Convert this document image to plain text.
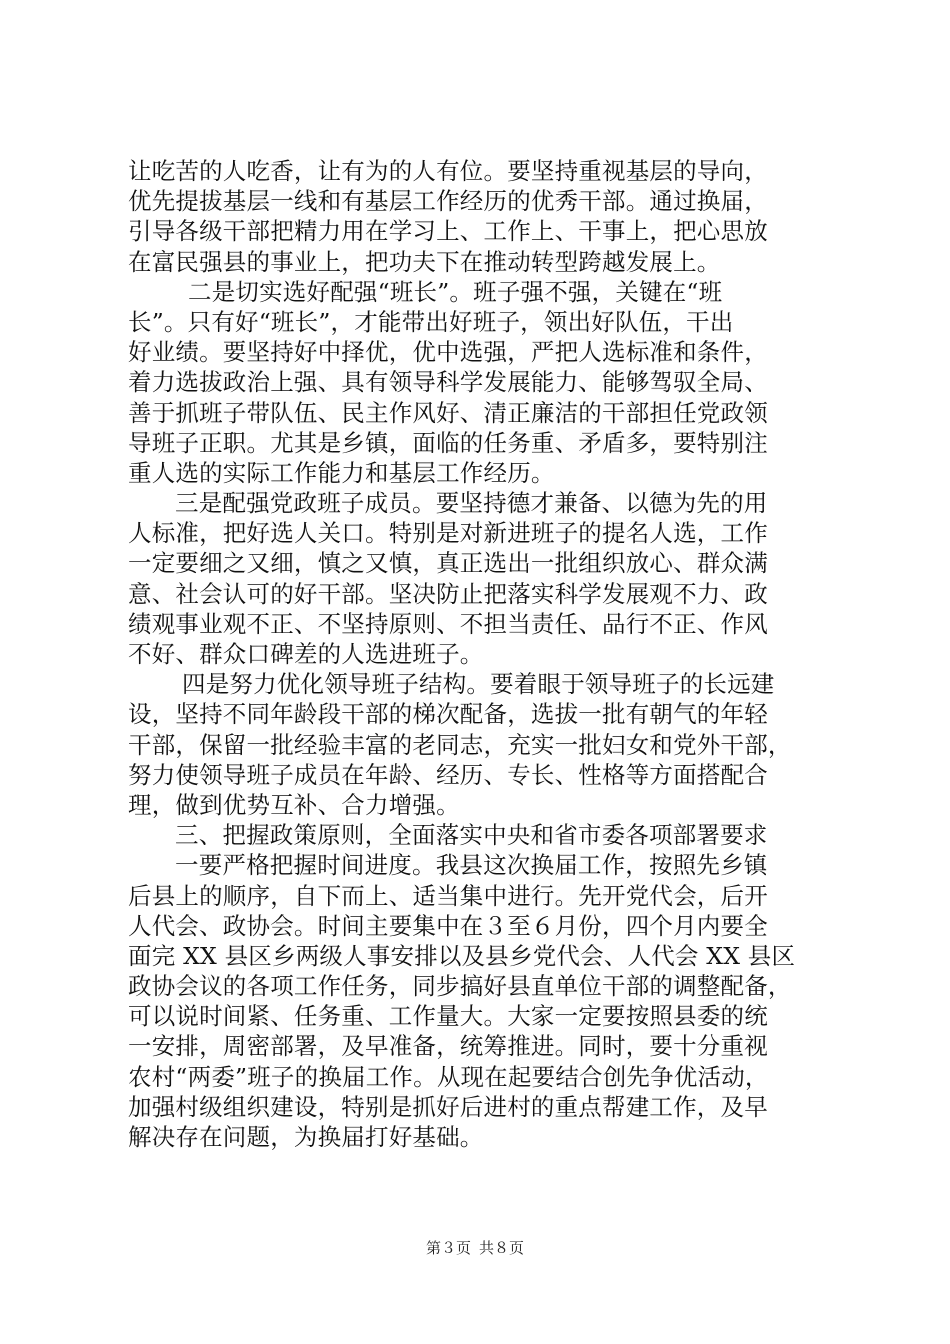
让吃苦的人吃香，让有为的人有位。要坚持重视基层的导向，
优先提拔基层一线和有基层工作经历的优秀干部。通过换届，
引导各级干部把精力用在学习上、工作上、干事上，把心思放
在富民强县的事业上，把功夫下在推动转型跨越发展上。
二是切实选好配强“班长”。班子强不强，关键在“班
长”。只有好“班长”，才能带出好班子，领出好队伍，干出
好业绩。要坚持好中择优，优中选强，严把人选标准和条件，
着力选拔政治上强、具有领导科学发展能力、能够驾驭全局、
善于抓班子带队伍、民主作风好、清正廉洁的干部担任党政领
导班子正职。尤其是乡镇，面临的任务重、矛盾多，要特别注
重人选的实际工作能力和基层工作经历。
三是配强党政班子成员。要坚持德才兼备、以德为先的用
人标准，把好选人关口。特别是对新进班子的提名人选，工作
一定要细之又细，慎之又慎，真正选出一批组织放心、群众满
意、社会认可的好干部。坚决防止把落实科学发展观不力、政
绩观事业观不正、不坚持原则、不担当责任、品行不正、作风
不好、群众口碑差的人选进班子。
四是努力优化领导班子结构。要着眼于领导班子的长远建
设，坚持不同年龄段干部的梯次配备，选拔一批有朝气的年轻
干部，保留一批经验丰富的老同志，充实一批妇女和党外干部，
努力使领导班子成员在年龄、经历、专长、性格等方面搭配合
理，做到优势互补、合力增强。
三、把握政策原则，全面落实中央和省市委各项部署要求
一要严格把握时间进度。我县这次换届工作，按照先乡镇
后县上的顺序，自下而上、适当集中进行。先开党代会，后开
人代会、政协会。时间主要集中在３至６月份，四个月内要全
面完 XX 县区乡两级人事安排以及县乡党代会、人代会 XX 县区
政协会议的各项工作任务，同步搞好县直单位干部的调整配备，
可以说时间紧、任务重、工作量大。大家一定要按照县委的统
一安排，周密部署，及早准备，统筹推进。同时，要十分重视
农村“两委”班子的换届工作。从现在起要结合创先争优活动，
加强村级组织建设，特别是抓好后进村的重点帮建工作，及早
解决存在问题，为换届打好基础。
第３页 共８页
